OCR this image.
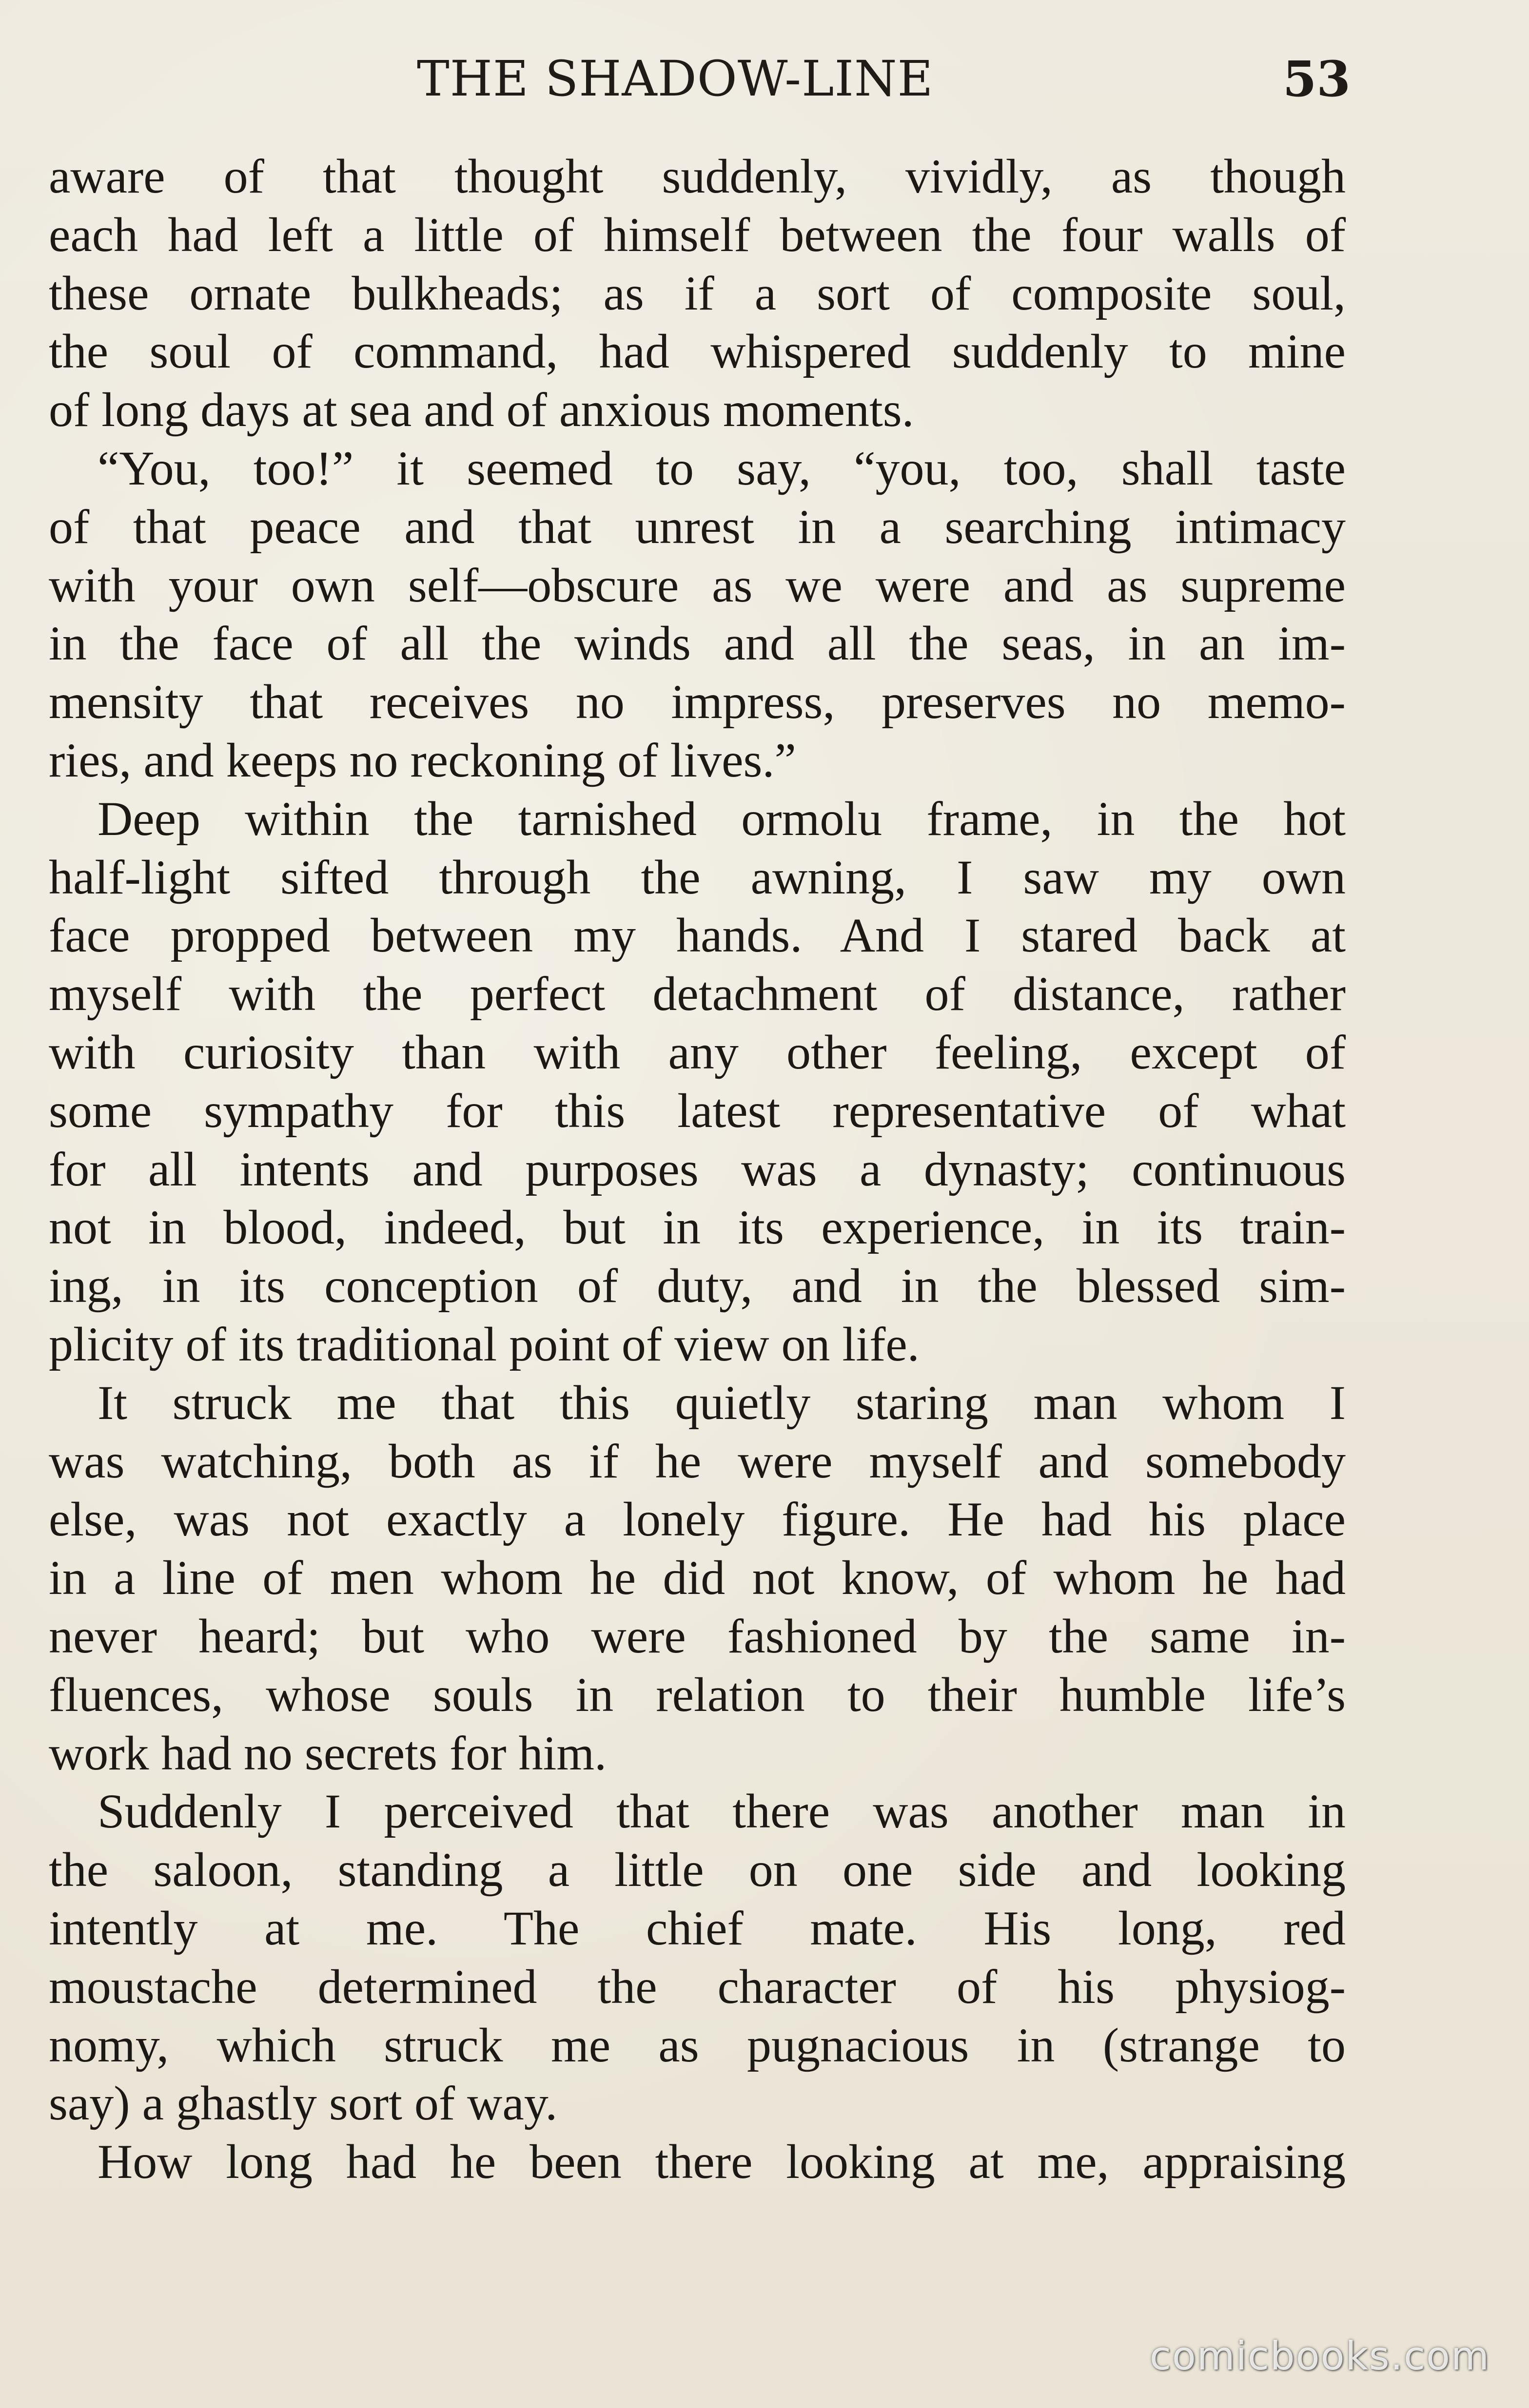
THE SHADOW-LINE	53
aware of that thought suddenly, vividly, as though
each had left a little of himself between the four walls of
these ornate bulkheads; as if a sort of composite soul,
the soul of command, had whispered suddenly to mine
of long days at sea and of anxious moments.
“You, too!” it seemed to say, “you, too, shall taste
of that peace and that unrest in a searching intimacy
with your own self—obscure as we were and as supreme
in the face of all the winds and all the seas, in an im-
mensity that receives no impress, preserves no memo-
ries, and keeps no reckoning of lives.”
Deep within the tarnished ormolu frame, in the hot
half-light sifted through the awning, I saw my own
face propped between my hands. And I stared back at
myself with the perfect detachment of distance, rather
with curiosity than with any other feeling, except of
some sympathy for this latest representative of what
for all intents and purposes was a dynasty; continuous
not in blood, indeed, but in its experience, in its train-
ing, in its conception of duty, and in the blessed sim-
plicity of its traditional point of view on life.
It struck me that this quietly staring man whom I
was watching, both as if he were myself and somebody
else, was not exactly a lonely figure. He had his place
in a line of men whom he did not know, of whom he had
never heard; but who were fashioned by the same in-
fluences, whose souls in relation to their humble life’s
work had no secrets for him.
Suddenly I perceived that there was another man in
the saloon, standing a little on one side and looking
intently at me. The chief mate. His long, red
moustache determined the character of his physiog-
nomy, which struck me as pugnacious in (strange to
say) a ghastly sort of way.
How long had he been there looking at me, appraising
comicbooks.com
